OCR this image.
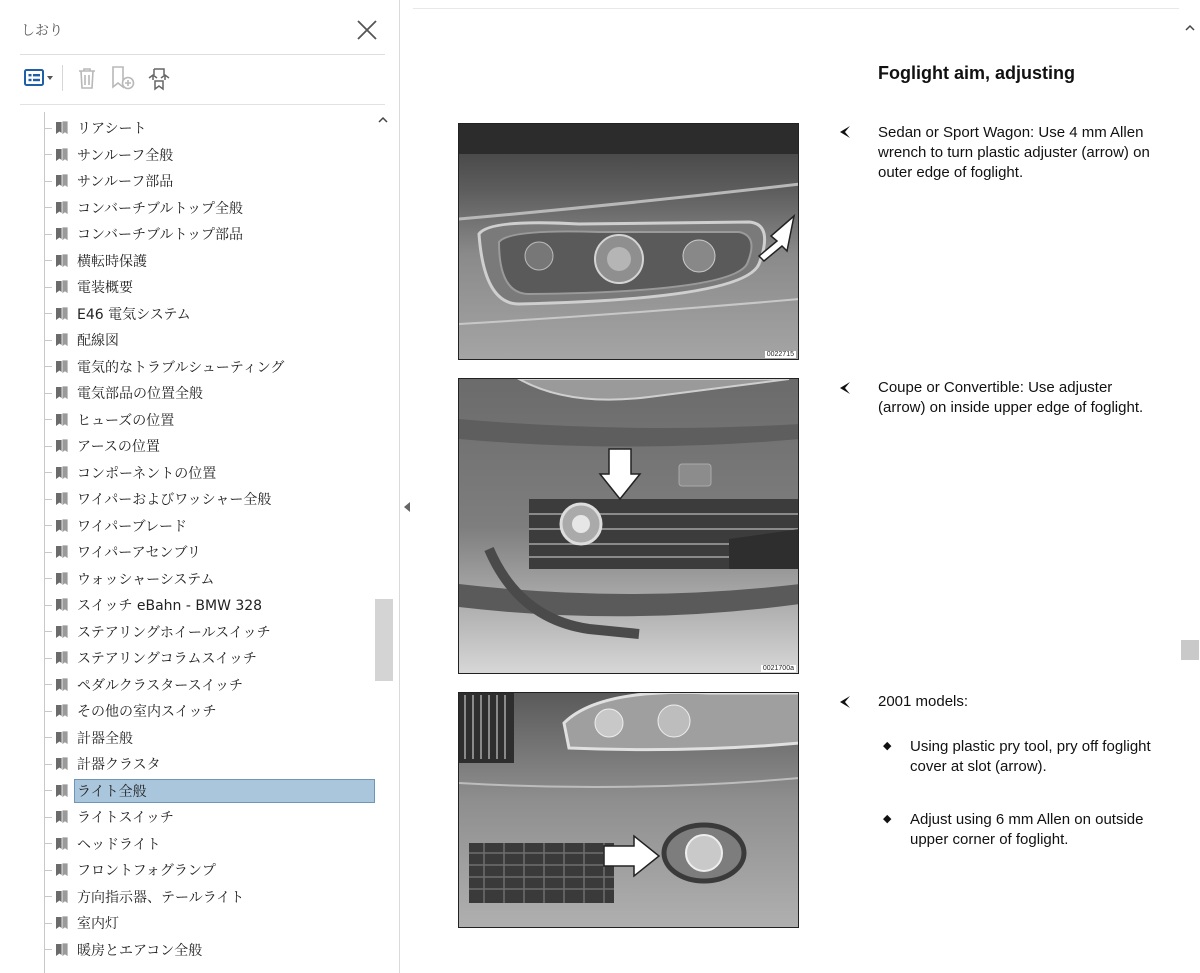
しおり
リアシート
サンルーフ全般
サンルーフ部品
コンバーチブルトップ全般
コンバーチブルトップ部品
横転時保護
電装概要
E46 電気システム
配線図
電気的なトラブルシューティング
電気部品の位置全般
ヒューズの位置
アースの位置
コンポーネントの位置
ワイパーおよびワッシャー全般
ワイパーブレード
ワイパーアセンブリ
ウォッシャーシステム
スイッチ eBahn - BMW 328
ステアリングホイールスイッチ
ステアリングコラムスイッチ
ペダルクラスタースイッチ
その他の室内スイッチ
計器全般
計器クラスタ
ライト全般
ライトスイッチ
ヘッドライト
フロントフォグランプ
方向指示器、テールライト
室内灯
暖房とエアコン全般
Foglight aim, adjusting
0022715
0021700a
Sedan or Sport Wagon: Use 4 mm Allen wrench to turn plastic adjuster (arrow) on outer edge of foglight.
Coupe or Convertible: Use adjuster (arrow) on inside upper edge of foglight.
2001 models:
◆ Using plastic pry tool, pry off foglight cover at slot (arrow).
◆ Adjust using 6 mm Allen on outside upper corner of foglight.
